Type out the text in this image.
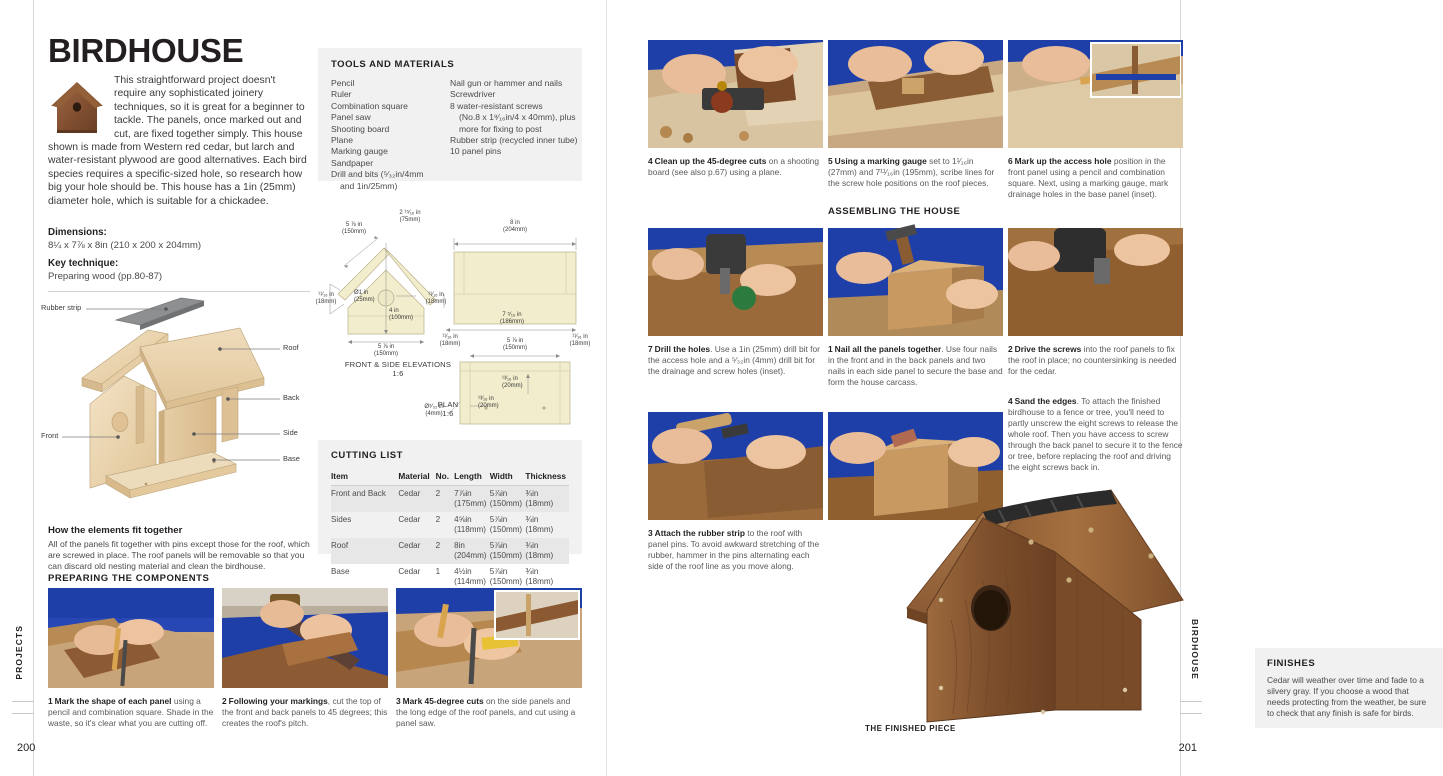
PROJECTS
200
BIRDHOUSE
This straightforward project doesn't require any sophisticated joinery techniques, so it is great for a beginner to tackle. The panels, once marked out and cut, are fixed together simply. This house shown is made from Western red cedar, but larch and water-resistant plywood are good alternatives. Each bird species requires a specific-sized hole, so research how big your hole should be. This house has a 1in (25mm) diameter hole, which is suitable for a chickadee.
Dimensions:
8¼ x 7⅞ x 8in (210 x 200 x 204mm)
Key technique:
Preparing wood (pp.80-87)
TOOLS AND MATERIALS
Pencil
Ruler
Combination square
Panel saw
Shooting board
Plane
Marking gauge
Sandpaper
Drill and bits (⁵⁄₃₂in/4mm
and 1in/25mm)
Nail gun or hammer and nails
Screwdriver
8 water-resistant screws
(No.8 x 1⁹⁄₁₆in/4 x 40mm), plus
more for fixing to post
Rubber strip (recycled inner tube)
10 panel pins
Rubber strip
Roof
Back
Side
Base
Front
How the elements fit together

All of the panels fit together with pins except those for the roof, which are screwed in place. The roof panels will be removable so that you can discard old nesting material and clean the birdhouse.

5 ⅞ in
(150mm)
2 ¹⁵⁄₁₆ in
(75mm)
Ø1 in
(25mm)
4 in
(100mm)
5 ⅞ in
(150mm)
¹¹⁄₁₆ in
(18mm)
8 in
(204mm)
¹¹⁄₁₆ in
(18mm)
7 ⁵⁄₁₆ in
(186mm)
¹¹⁄₁₆ in
(18mm)
¹¹⁄₁₆ in
(18mm)
5 ⅞ in
(150mm)
Ø⁵⁄₃₂ in
(4mm)
¹³⁄₁₆ in
(20mm)
¹³⁄₁₆ in
(20mm)
FRONT & SIDE ELEVATIONS
1:6
PLAN
1:6
CUTTING LIST
Item	Material	No.	Length	Width	Thickness
Front and Back	Cedar	2	7⅞in
(175mm)	5⅞in
(150mm)	¾in
(18mm)
Sides	Cedar	2	4⅝in
(118mm)	5⅞in
(150mm)	¾in
(18mm)
Roof	Cedar	2	8in
(204mm)	5⅞in
(150mm)	¾in
(18mm)
Base	Cedar	1	4½in
(114mm)	5⅞in
(150mm)	¾in
(18mm)
PREPARING THE COMPONENTS
1 Mark the shape of each panel using a pencil and combination square. Shade in the waste, so it's clear what you are cutting off.
2 Following your markings, cut the top of the front and back panels to 45 degrees; this creates the roof's pitch.
3 Mark 45-degree cuts on the side panels and the long edge of the roof panels, and cut using a panel saw.
BIRDHOUSE
201
4 Clean up the 45-degree cuts on a shooting board (see also p.67) using a plane.
5 Using a marking gauge set to 1¹⁄₁₆in (27mm) and 7¹¹⁄₁₆in (195mm), scribe lines for the screw hole positions on the roof pieces.
6 Mark up the access hole position in the front panel using a pencil and combination square. Next, using a marking gauge, mark drainage holes in the base panel (inset).
ASSEMBLING THE HOUSE
7 Drill the holes. Use a 1in (25mm) drill bit for the access hole and a ⁵⁄₃₂in (4mm) drill bit for the drainage and screw holes (inset).
1 Nail all the panels together. Use four nails in the front and in the back panels and two nails in each side panel to secure the base and form the house carcass.
2 Drive the screws into the roof panels to fix the roof in place; no countersinking is needed for the cedar.
4 Sand the edges. To attach the finished birdhouse to a fence or tree, you'll need to partly unscrew the eight screws to release the whole roof. Then you have access to screw through the back panel to secure it to the fence or tree, before replacing the roof and driving the eight screws back in.
3 Attach the rubber strip to the roof with panel pins. To avoid awkward stretching of the rubber, hammer in the pins alternating each side of the roof line as you move along.
FINISHES
Cedar will weather over time and fade to a silvery gray. If you choose a wood that needs protecting from the weather, be sure to check that any finish is safe for birds.
THE FINISHED PIECE
